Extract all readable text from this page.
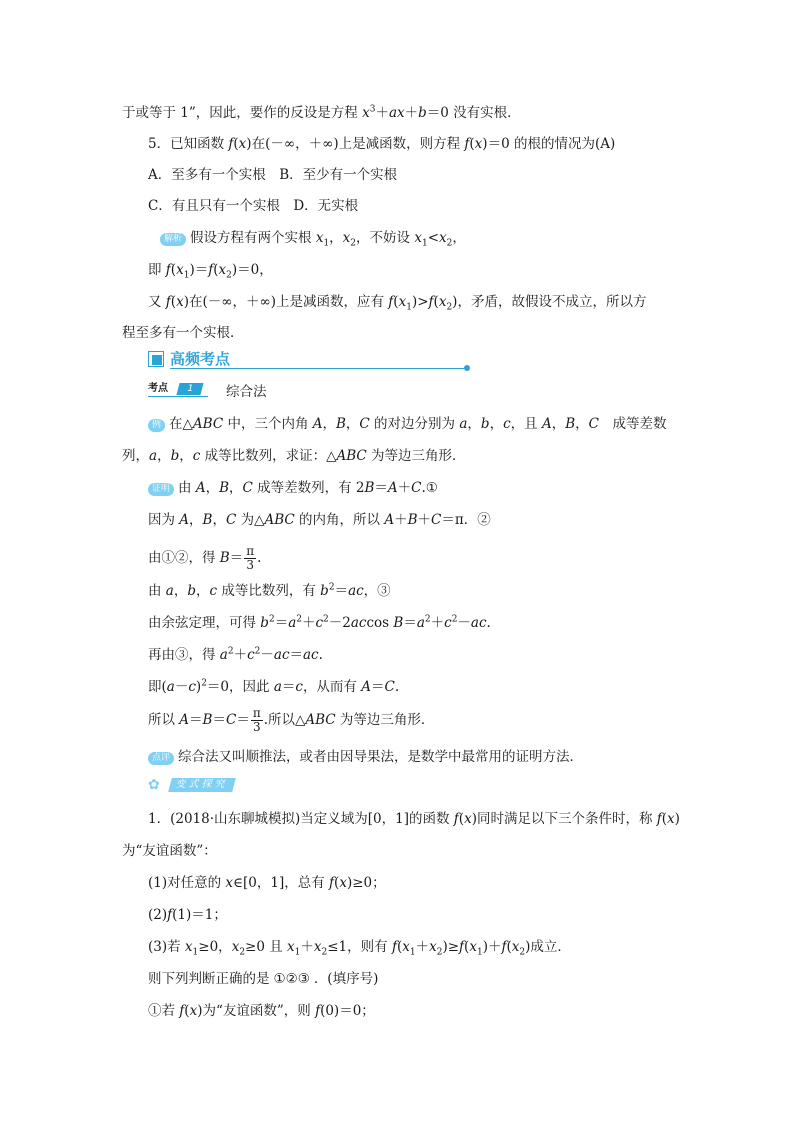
于或等于 1”，因此，要作的反设是方程 $x^3+ax+b=0$ 没有实根．
5．已知函数 f(x)在(－∞，＋∞)上是减函数，则方程 f(x)＝0 的根的情况为(A)
A．至多有一个实根　B．至少有一个实根
C．有且只有一个实根　D．无实根
解析 假设方程有两个实根 $x_1$，$x_2$，不妨设 $x_1<x_2$，
即 $f(x_1)=f(x_2)=0$，
又 f(x)在(－∞，＋∞)上是减函数，应有 $f(x_1)>f(x_2)$，矛盾，故假设不成立，所以方
程至多有一个实根．
高频考点
考点	1	综合法
例 在△ABC 中，三个内角 A，B，C 的对边分别为 a，b，c，且 A，B，C　成等差数
列，a，b，c 成等比数列，求证：△ABC 为等边三角形．
证明 由 A，B，C 成等差数列，有 2B＝A＋C.①
因为 A，B，C 为△ABC 的内角，所以 A＋B＋C＝π．②
由①②，得 $B= \frac{\pi}{3}$ .
由 a，b，c 成等比数列，有 $b^2=ac$，③
由余弦定理，可得 $b^2=a^2+c^2-2accos$ $B=a^2+c^2-ac$.
再由③，得 $a^2+c^2-ac=ac$.
即$(a-c)^2=0$，因此 a＝c，从而有 A＝C.
所以 $A=B=C= \frac{\pi}{3}$ .所以△ABC 为等边三角形．
点评 综合法又叫顺推法，或者由因导果法，是数学中最常用的证明方法．
✿	变式探究
1．(2018·山东聊城模拟)当定义域为[0，1]的函数 f(x)同时满足以下三个条件时，称 f(x)
为“友谊函数”：
(1)对任意的 x∈[0，1]，总有 f(x)≥0；
(2)f(1)＝1；
(3)若 $x_1\ge 0$，$x_2\ge 0$ 且 $x_1+x_2\le 1$，则有 $f(x_1+x_2)\ge f(x_1)+f(x_2)$成立．
则下列判断正确的是 ①②③ ．(填序号)
①若 f(x)为“友谊函数”，则 f(0)＝0；
